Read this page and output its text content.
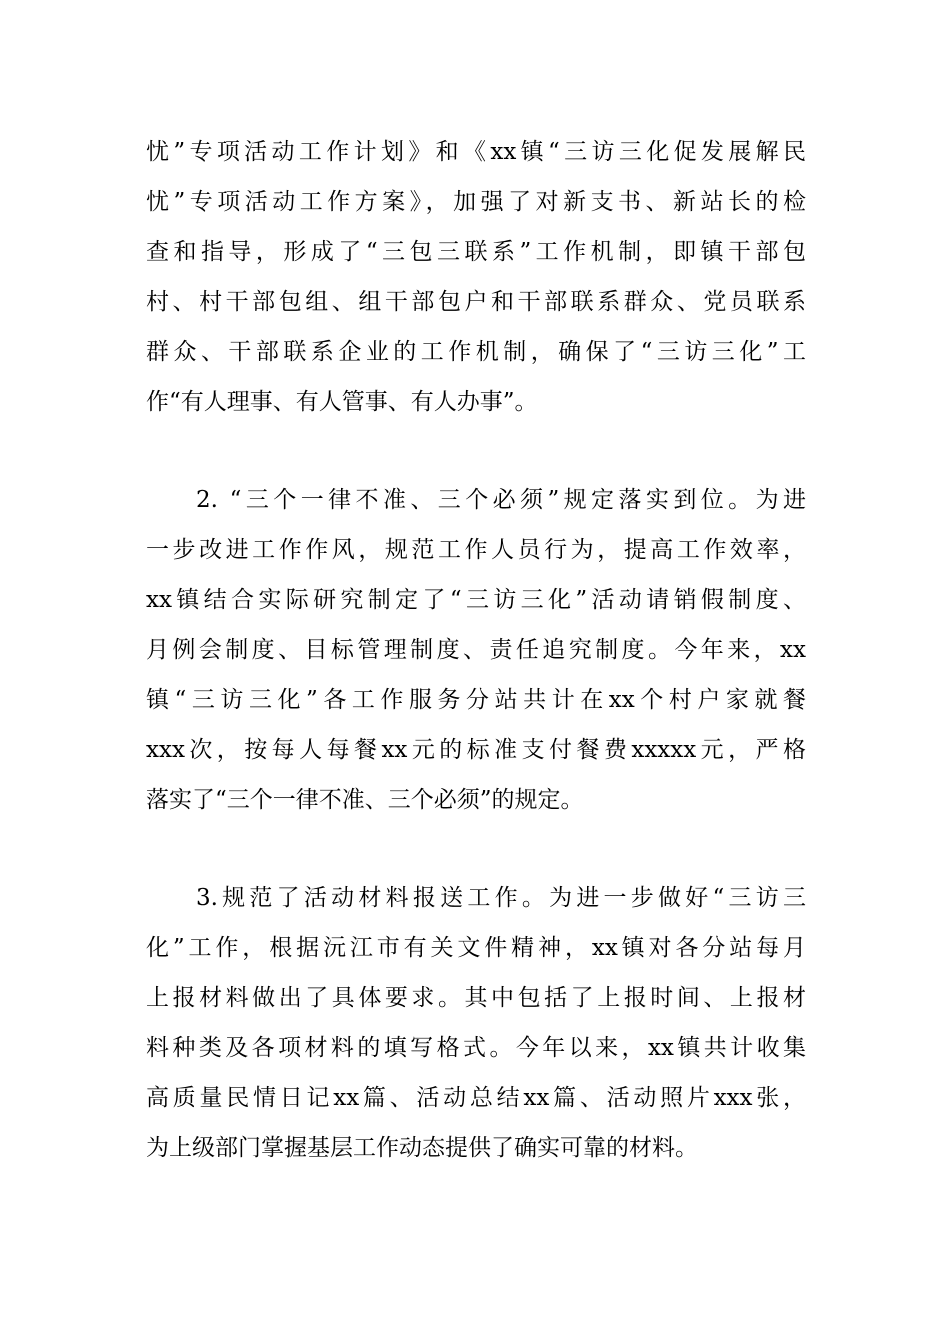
忧”专项活动工作计划》和《xx镇“三访三化促发展解民
忧”专项活动工作方案》，加强了对新支书、新站长的检
查和指导，形成了“三包三联系”工作机制，即镇干部包
村、村干部包组、组干部包户和干部联系群众、党员联系
群众、干部联系企业的工作机制，确保了“三访三化”工
作“有人理事、有人管事、有人办事”。
2. “三个一律不准、三个必须”规定落实到位。为进
一步改进工作作风，规范工作人员行为，提高工作效率，
xx镇结合实际研究制定了“三访三化”活动请销假制度、
月例会制度、目标管理制度、责任追究制度。今年来，xx
镇“三访三化”各工作服务分站共计在xx个村户家就餐
xxx次，按每人每餐xx元的标准支付餐费xxxxx元，严格
落实了“三个一律不准、三个必须”的规定。
3.规范了活动材料报送工作。为进一步做好“三访三
化”工作，根据沅江市有关文件精神，xx镇对各分站每月
上报材料做出了具体要求。其中包括了上报时间、上报材
料种类及各项材料的填写格式。今年以来，xx镇共计收集
高质量民情日记xx篇、活动总结xx篇、活动照片xxx张，
为上级部门掌握基层工作动态提供了确实可靠的材料。
